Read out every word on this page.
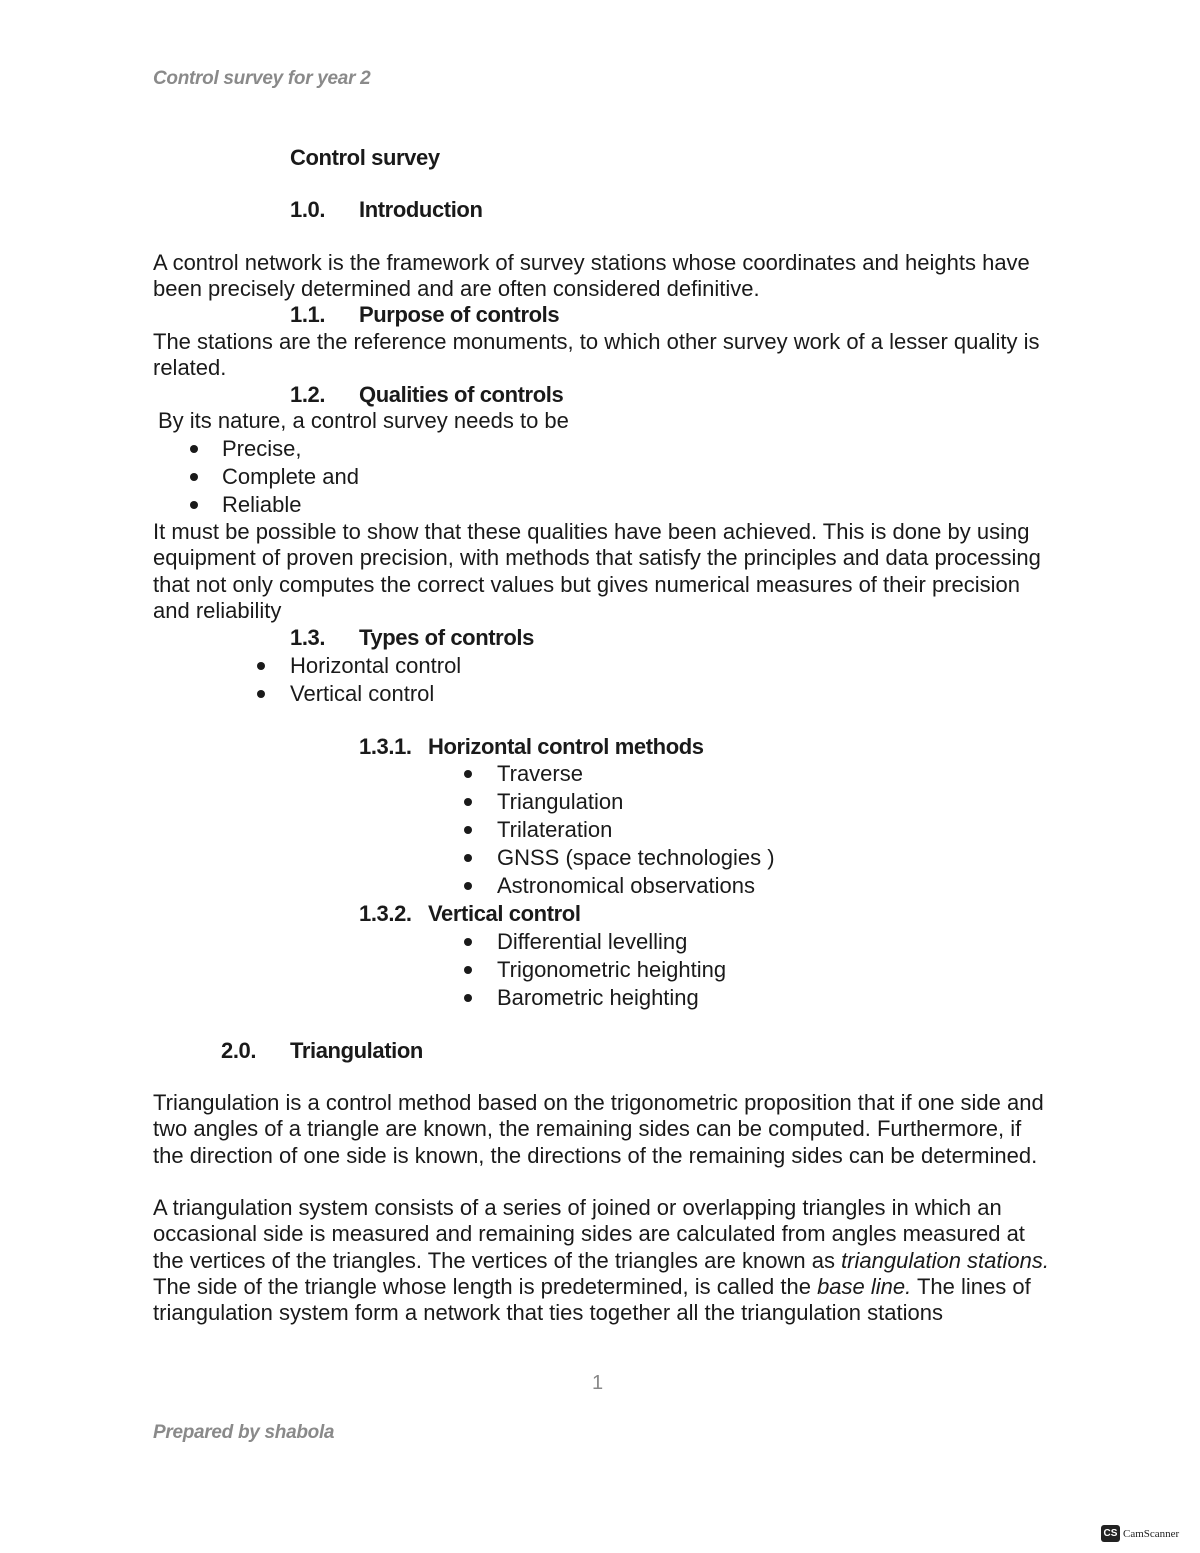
Control survey for year 2
Control survey
1.0. Introduction
A control network is the framework of survey stations whose coordinates and heights have been precisely determined and are often considered definitive.
1.1. Purpose of controls
The stations are the reference monuments, to which other survey work of a lesser quality is related.
1.2. Qualities of controls
By its nature, a control survey needs to be
Precise,
Complete and
Reliable
It must be possible to show that these qualities have been achieved. This is done by using equipment of proven precision, with methods that satisfy the principles and data processing that not only computes the correct values but gives numerical measures of their precision and reliability
1.3. Types of controls
Horizontal control
Vertical control
1.3.1. Horizontal control methods
Traverse
Triangulation
Trilateration
GNSS (space technologies )
Astronomical observations
1.3.2. Vertical control
Differential levelling
Trigonometric heighting
Barometric heighting
2.0. Triangulation
Triangulation is a control method based on the trigonometric proposition that if one side and two angles of a triangle are known, the remaining sides can be computed. Furthermore, if the direction of one side is known, the directions of the remaining sides can be determined.
A triangulation system consists of a series of joined or overlapping triangles in which an occasional side is measured and remaining sides are calculated from angles measured at the vertices of the triangles. The vertices of the triangles are known as triangulation stations. The side of the triangle whose length is predetermined, is called the base line. The lines of triangulation system form a network that ties together all the triangulation stations
1
Prepared by shabola
CS CamScanner
